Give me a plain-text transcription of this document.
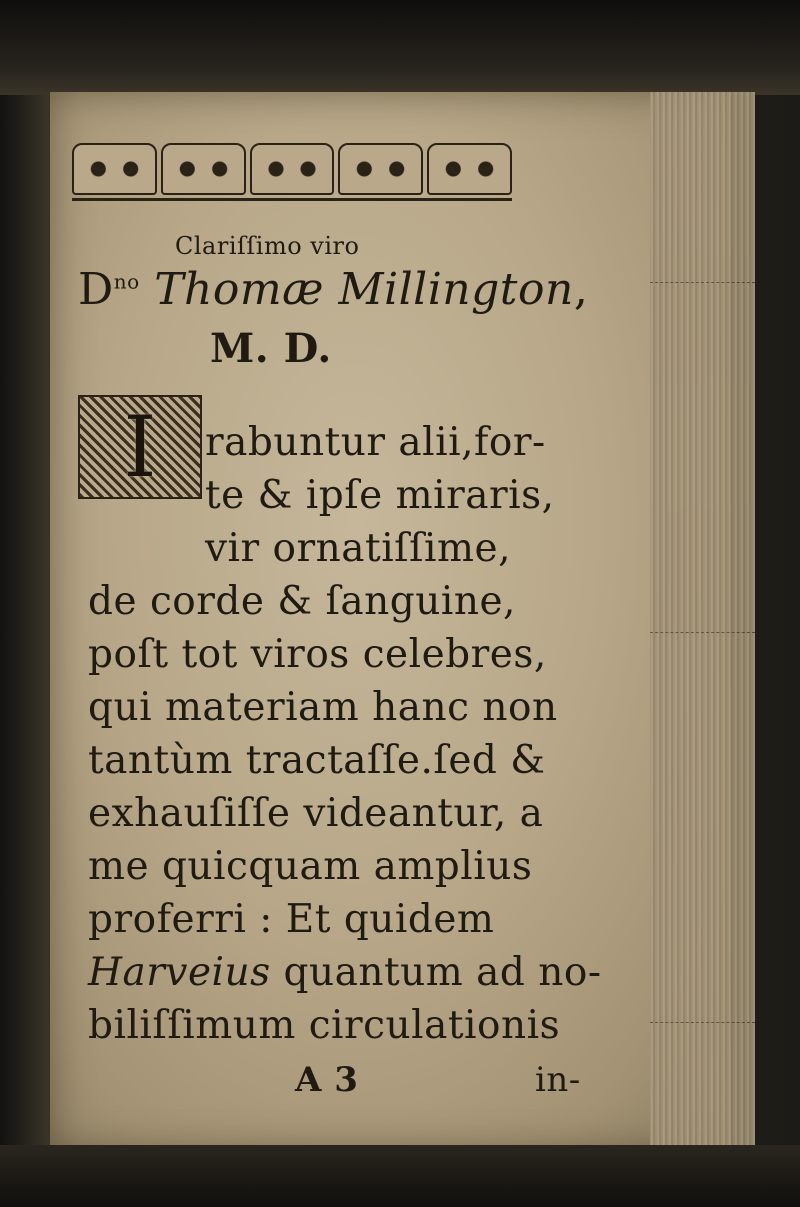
Clariſſimo viro
$D^{no}$ Thomæ Millington,
M. D.
I	rabuntur alii,for-
te & ipſe miraris,
vir ornatiſſime,
de corde & ſanguine,
poſt tot viros celebres,
qui materiam hanc non
tantùm tractaſſe.ſed &
exhauſiſſe videantur, a
me quicquam amplius
proferri : Et quidem
Harveius quantum ad no-
biliſſimum circulationis
A 3	in-
